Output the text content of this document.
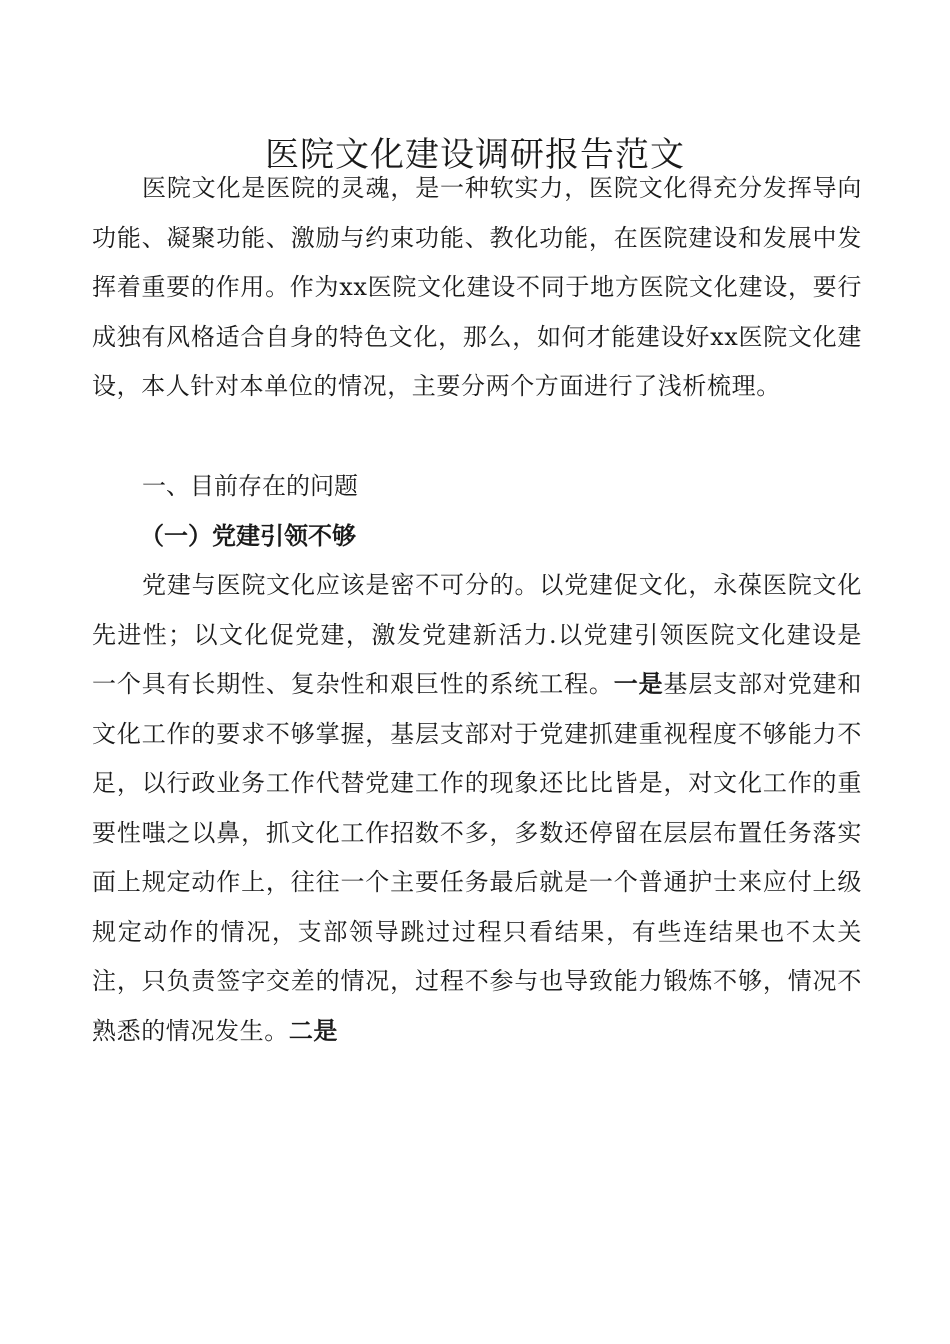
医院文化建设调研报告范文

医院文化是医院的灵魂，是一种软实力，医院文化得充分发挥导向功能、凝聚功能、激励与约束功能、教化功能，在医院建设和发展中发挥着重要的作用。作为xx医院文化建设不同于地方医院文化建设，要行成独有风格适合自身的特色文化，那么，如何才能建设好xx医院文化建设，本人针对本单位的情况，主要分两个方面进行了浅析梳理。

一、目前存在的问题

（一）党建引领不够

党建与医院文化应该是密不可分的。以党建促文化，永葆医院文化先进性；以文化促党建，激发党建新活力.以党建引领医院文化建设是一个具有长期性、复杂性和艰巨性的系统工程。一是基层支部对党建和文化工作的要求不够掌握，基层支部对于党建抓建重视程度不够能力不足，以行政业务工作代替党建工作的现象还比比皆是，对文化工作的重要性嗤之以鼻，抓文化工作招数不多，多数还停留在层层布置任务落实面上规定动作上，往往一个主要任务最后就是一个普通护士来应付上级规定动作的情况，支部领导跳过过程只看结果，有些连结果也不太关注，只负责签字交差的情况，过程不参与也导致能力锻炼不够，情况不熟悉的情况发生。二是
